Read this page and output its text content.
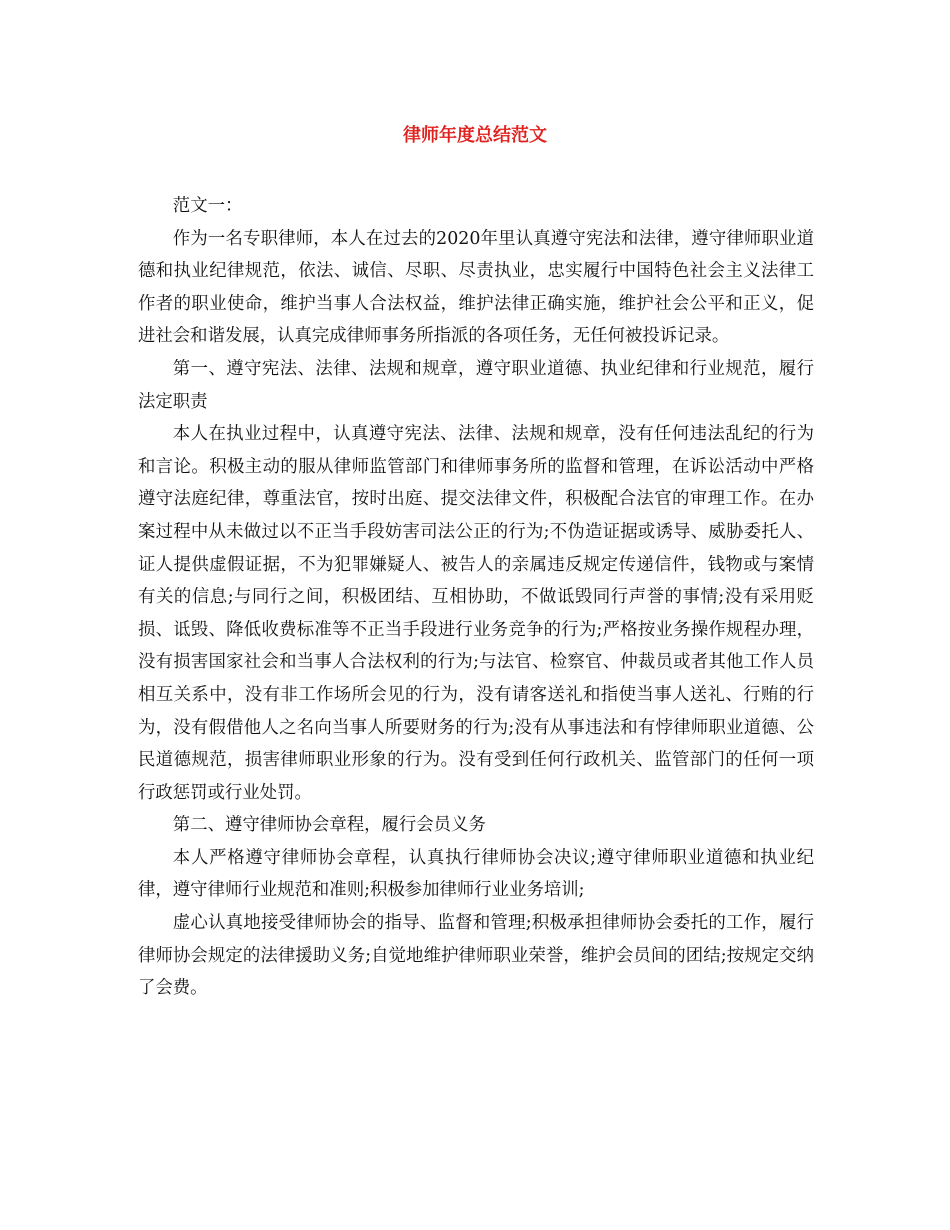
律师年度总结范文

范文一：

作为一名专职律师，本人在过去的2020年里认真遵守宪法和法律，遵守律师职业道德和执业纪律规范，依法、诚信、尽职、尽责执业，忠实履行中国特色社会主义法律工作者的职业使命，维护当事人合法权益，维护法律正确实施，维护社会公平和正义，促进社会和谐发展，认真完成律师事务所指派的各项任务，无任何被投诉记录。

第一、遵守宪法、法律、法规和规章，遵守职业道德、执业纪律和行业规范，履行法定职责

本人在执业过程中，认真遵守宪法、法律、法规和规章，没有任何违法乱纪的行为和言论。积极主动的服从律师监管部门和律师事务所的监督和管理，在诉讼活动中严格遵守法庭纪律，尊重法官，按时出庭、提交法律文件，积极配合法官的审理工作。在办案过程中从未做过以不正当手段妨害司法公正的行为;不伪造证据或诱导、威胁委托人、证人提供虚假证据，不为犯罪嫌疑人、被告人的亲属违反规定传递信件，钱物或与案情有关的信息;与同行之间，积极团结、互相协助，不做诋毁同行声誉的事情;没有采用贬损、诋毁、降低收费标准等不正当手段进行业务竞争的行为;严格按业务操作规程办理，没有损害国家社会和当事人合法权利的行为;与法官、检察官、仲裁员或者其他工作人员相互关系中，没有非工作场所会见的行为，没有请客送礼和指使当事人送礼、行贿的行为，没有假借他人之名向当事人所要财务的行为;没有从事违法和有悖律师职业道德、公民道德规范，损害律师职业形象的行为。没有受到任何行政机关、监管部门的任何一项行政惩罚或行业处罚。

第二、遵守律师协会章程，履行会员义务

本人严格遵守律师协会章程，认真执行律师协会决议;遵守律师职业道德和执业纪律，遵守律师行业规范和准则;积极参加律师行业业务培训;

虚心认真地接受律师协会的指导、监督和管理;积极承担律师协会委托的工作，履行律师协会规定的法律援助义务;自觉地维护律师职业荣誉，维护会员间的团结;按规定交纳了会费。
